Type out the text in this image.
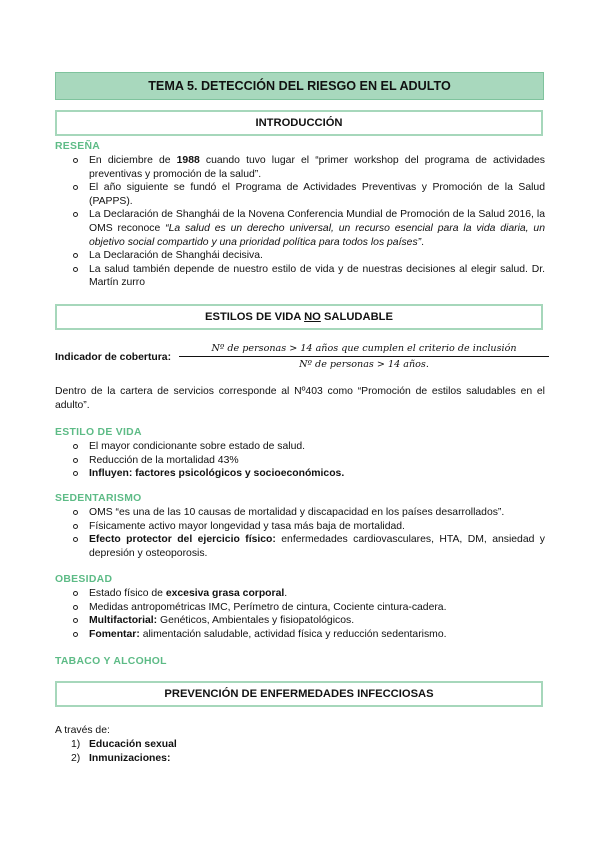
TEMA 5. DETECCIÓN DEL RIESGO EN EL ADULTO
INTRODUCCIÓN
RESEÑA
En diciembre de 1988 cuando tuvo lugar el “primer workshop del programa de actividades preventivas y promoción de la salud”.
El año siguiente se fundó el Programa de Actividades Preventivas y Promoción de la Salud (PAPPS).
La Declaración de Shanghái de la Novena Conferencia Mundial de Promoción de la Salud 2016, la OMS reconoce “La salud es un derecho universal, un recurso esencial para la vida diaria, un objetivo social compartido y una prioridad política para todos los países”.
La Declaración de Shanghái decisiva.
La salud también depende de nuestro estilo de vida y de nuestras decisiones al elegir salud. Dr. Martín zurro
ESTILOS DE VIDA NO SALUDABLE
Indicador de cobertura:
Nº de personas > 14 años que cumplen el criterio de inclusión
Nº de personas > 14 años.
Dentro de la cartera de servicios corresponde al Nº403 como “Promoción de estilos saludables en el adulto”.
ESTILO DE VIDA
El mayor condicionante sobre estado de salud.
Reducción de la mortalidad 43%
Influyen: factores psicológicos y socioeconómicos.
SEDENTARISMO
OMS “es una de las 10 causas de mortalidad y discapacidad en los países desarrollados”.
Físicamente activo mayor longevidad y tasa más baja de mortalidad.
Efecto protector del ejercicio físico: enfermedades cardiovasculares, HTA, DM, ansiedad y depresión y osteoporosis.
OBESIDAD
Estado físico de excesiva grasa corporal.
Medidas antropométricas IMC, Perímetro de cintura, Cociente cintura-cadera.
Multifactorial: Genéticos, Ambientales y fisiopatológicos.
Fomentar: alimentación saludable, actividad física y reducción sedentarismo.
TABACO Y ALCOHOL
PREVENCIÓN DE ENFERMEDADES INFECCIOSAS
A través de:
1) Educación sexual
2) Inmunizaciones:
